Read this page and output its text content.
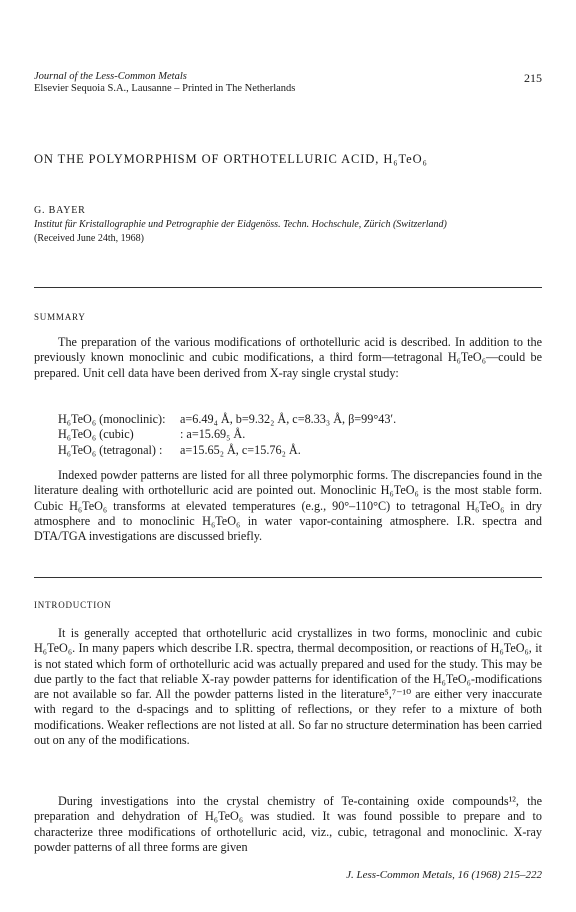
Journal of the Less-Common Metals
Elsevier Sequoia S.A., Lausanne – Printed in The Netherlands
215
ON THE POLYMORPHISM OF ORTHOTELLURIC ACID, H₆TeO₆
G. BAYER
Institut für Kristallographie und Petrographie der Eidgenöss. Techn. Hochschule, Zürich (Switzerland)
(Received June 24th, 1968)
SUMMARY
The preparation of the various modifications of orthotelluric acid is described. In addition to the previously known monoclinic and cubic modifications, a third form—tetragonal H₆TeO₆—could be prepared. Unit cell data have been derived from X-ray single crystal study:
H₆TeO₆ (monoclinic): a=6.49₄ Å, b=9.32₂ Å, c=8.33₃ Å, β=99°43′.
H₆TeO₆ (cubic)	: a=15.69₅ Å.
H₆TeO₆ (tetragonal) : a=15.65₂ Å, c=15.76₂ Å.
Indexed powder patterns are listed for all three polymorphic forms. The discrepancies found in the literature dealing with orthotelluric acid are pointed out. Monoclinic H₆TeO₆ is the most stable form. Cubic H₆TeO₆ transforms at elevated temperatures (e.g., 90°–110°C) to tetragonal H₆TeO₆ in dry atmosphere and to monoclinic H₆TeO₆ in water vapor-containing atmosphere. I.R. spectra and DTA/TGA investigations are discussed briefly.
INTRODUCTION
It is generally accepted that orthotelluric acid crystallizes in two forms, monoclinic and cubic H₆TeO₆. In many papers which describe I.R. spectra, thermal decomposition, or reactions of H₆TeO₆, it is not stated which form of orthotelluric acid was actually prepared and used for the study. This may be due partly to the fact that reliable X-ray powder patterns for identification of the H₆TeO₆-modifications are not available so far. All the powder patterns listed in the literature⁵,⁷⁻¹⁰ are either very inaccurate with regard to the d-spacings and to splitting of reflections, or they refer to a mixture of both modifications. Weaker reflections are not listed at all. So far no structure determination has been carried out on any of the modifications.
During investigations into the crystal chemistry of Te-containing oxide compounds¹², the preparation and dehydration of H₆TeO₆ was studied. It was found possible to prepare and to characterize three modifications of orthotelluric acid, viz., cubic, tetragonal and monoclinic. X-ray powder patterns of all three forms are given
J. Less-Common Metals, 16 (1968) 215–222
